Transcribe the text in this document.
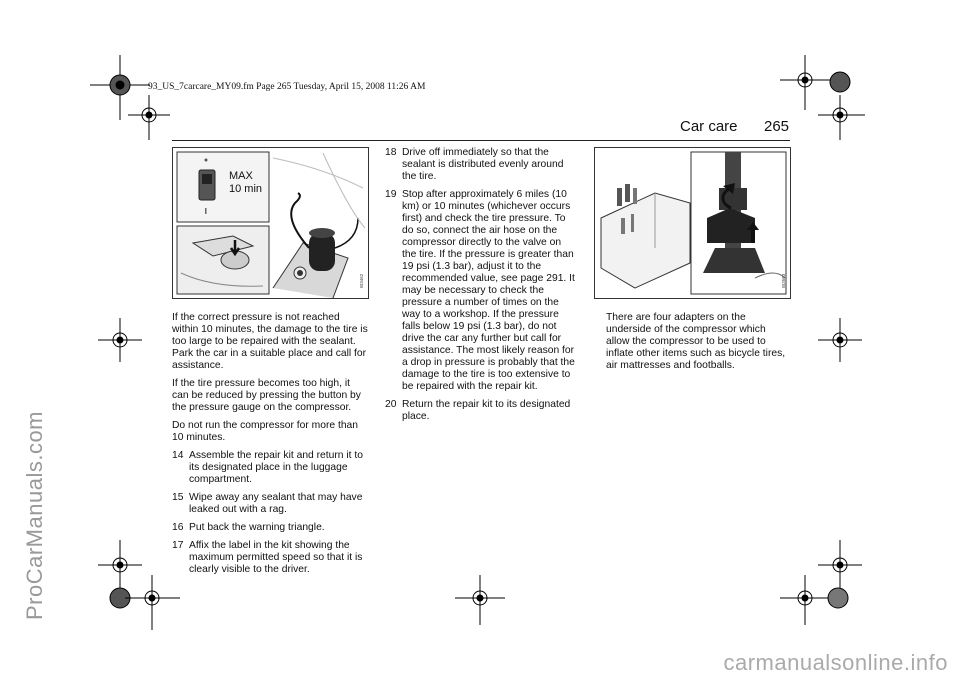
93_US_7carcare_MY09.fm Page 265 Tuesday, April 15, 2008 11:26 AM
Car care 265
MAX
10 min
IB3462	IB3563

If the correct pressure is not reached within 10 minutes, the damage to the tire is too large to be repaired with the sealant. Park the car in a suitable place and call for assistance.

If the tire pressure becomes too high, it can be reduced by pressing the button by the pressure gauge on the compressor.

Do not run the compressor for more than 10 minutes.

14 Assemble the repair kit and return it to its designated place in the luggage compartment.
15 Wipe away any sealant that may have leaked out with a rag.
16 Put back the warning triangle.
17 Affix the label in the kit showing the maximum permitted speed so that it is clearly visible to the driver.
18 Drive off immediately so that the sealant is distributed evenly around the tire.
19 Stop after approximately 6 miles (10 km) or 10 minutes (whichever occurs first) and check the tire pressure. To do so, connect the air hose on the compressor directly to the valve on the tire. If the pressure is greater than 19 psi (1.3 bar), adjust it to the recommended value, see page 291. It may be necessary to check the pressure a number of times on the way to a workshop. If the pressure falls below 19 psi (1.3 bar), do not drive the car any further but call for assistance. The most likely reason for a drop in pressure is probably that the damage to the tire is too extensive to be repaired with the repair kit.
20 Return the repair kit to its designated place.

There are four adapters on the underside of the compressor which allow the compressor to be used to inflate other items such as bicycle tires, air mattresses and footballs.

ProCarManuals.com
carmanualsonline.info
